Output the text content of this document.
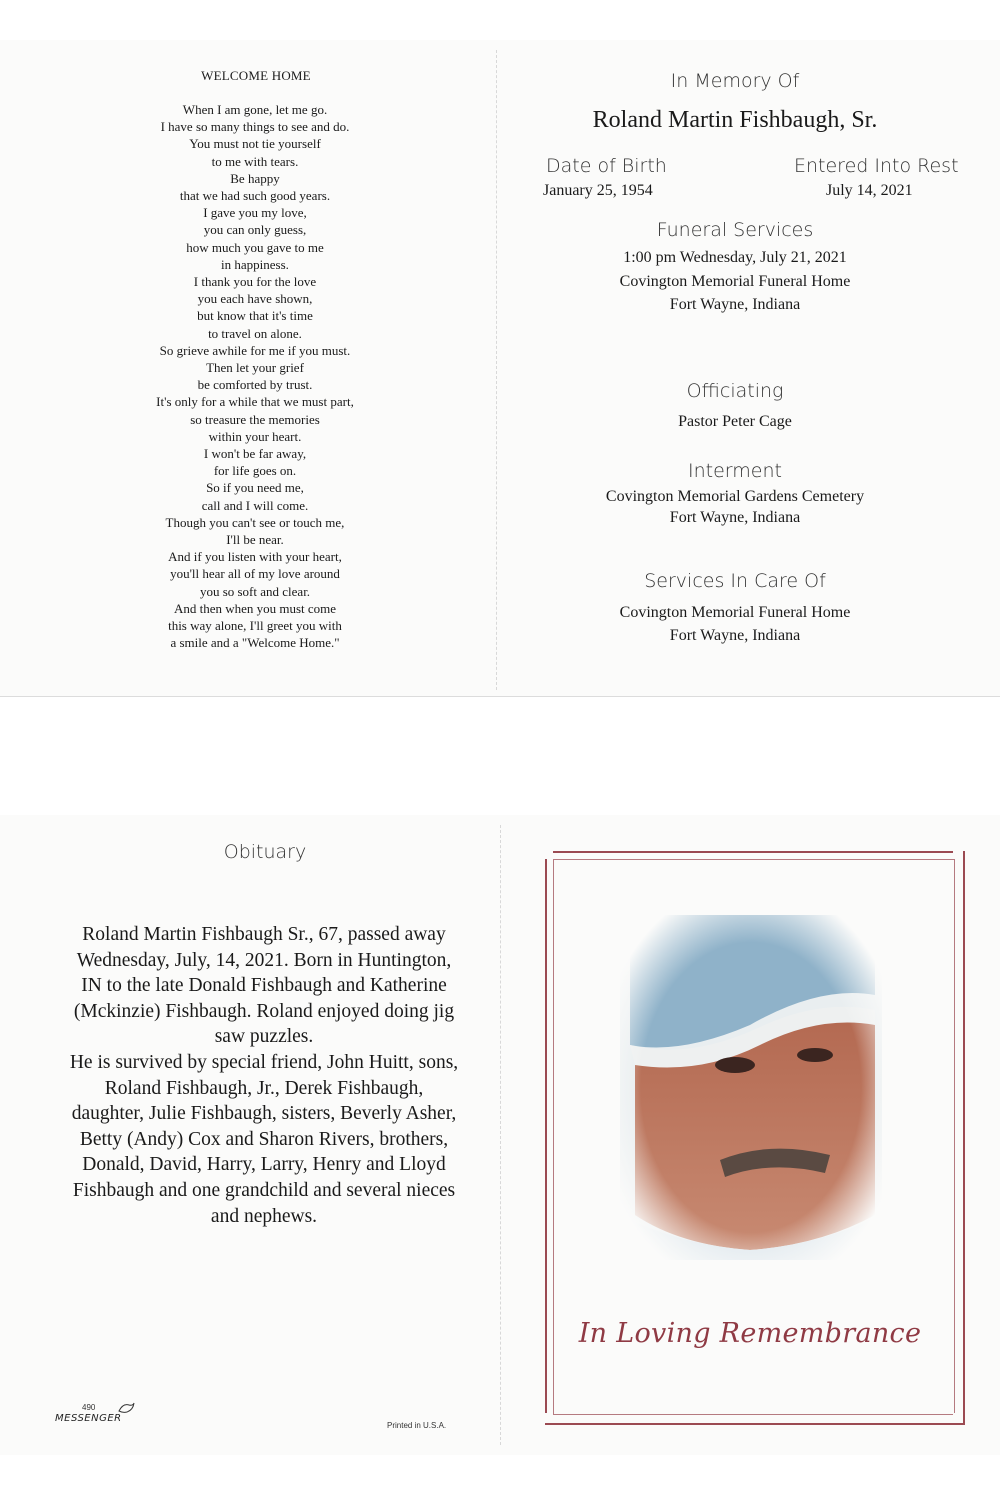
WELCOME HOME
When I am gone, let me go.
I have so many things to see and do.
You must not tie yourself
to me with tears.
Be happy
that we had such good years.
I gave you my love,
you can only guess,
how much you gave to me
in happiness.
I thank you for the love
you each have shown,
but know that it's time
to travel on alone.
So grieve awhile for me if you must.
Then let your grief
be comforted by trust.
It's only for a while that we must part,
so treasure the memories
within your heart.
I won't be far away,
for life goes on.
So if you need me,
call and I will come.
Though you can't see or touch me,
I'll be near.
And if you listen with your heart,
you'll hear all of my love around
you so soft and clear.
And then when you must come
this way alone, I'll greet you with
a smile and a "Welcome Home."
In Memory Of
Roland Martin Fishbaugh, Sr.
Date of Birth
January 25, 1954
Entered Into Rest
July 14, 2021
Funeral Services
1:00 pm Wednesday, July 21, 2021
Covington Memorial Funeral Home
Fort Wayne, Indiana
Officiating
Pastor Peter Cage
Interment
Covington Memorial Gardens Cemetery
Fort Wayne, Indiana
Services In Care Of
Covington Memorial Funeral Home
Fort Wayne, Indiana
Obituary
Roland Martin Fishbaugh Sr., 67, passed away
Wednesday, July, 14, 2021. Born in Huntington,
IN to the late Donald Fishbaugh and Katherine
(Mckinzie) Fishbaugh. Roland enjoyed doing jig
saw puzzles.
He is survived by special friend, John Huitt, sons,
Roland Fishbaugh, Jr., Derek Fishbaugh,
daughter, Julie Fishbaugh, sisters, Beverly Asher,
Betty (Andy) Cox and Sharon Rivers, brothers,
Donald, David, Harry, Larry, Henry and Lloyd
Fishbaugh and one grandchild and several nieces
and nephews.
In Loving Remembrance
490
MESSENGER
Printed in U.S.A.
